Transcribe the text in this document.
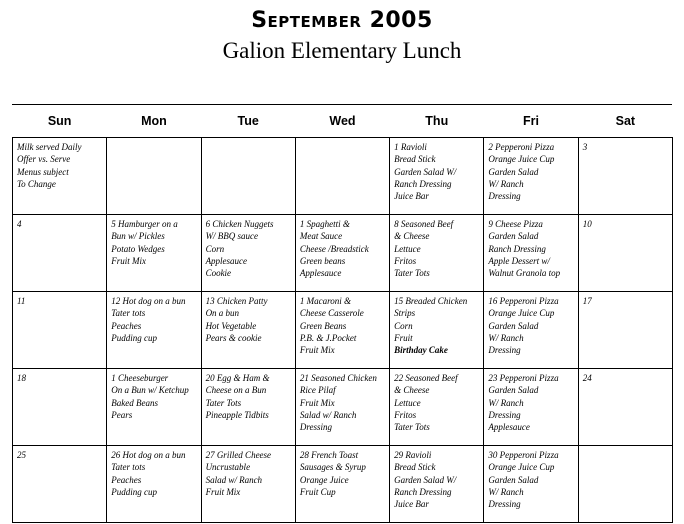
September 2005
Galion Elementary Lunch
Sun	Mon	Tue	Wed	Thu	Fri	Sat

Milk served Daily
Offer vs. Serve
Menus subject
To Change				1 Ravioli
Bread Stick
Garden Salad W/
Ranch Dressing
Juice Bar	2 Pepperoni Pizza
Orange Juice Cup
Garden Salad
W/ Ranch
Dressing	3

4	5 Hamburger on a
Bun w/ Pickles
Potato Wedges
Fruit Mix	6 Chicken Nuggets
W/ BBQ sauce
Corn
Applesauce
Cookie	1 Spaghetti &
Meat Sauce
Cheese /Breadstick
Green beans
Applesauce	8 Seasoned Beef
& Cheese
Lettuce
Fritos
Tater Tots	9 Cheese Pizza
Garden Salad
Ranch Dressing
Apple Dessert w/
Walnut Granola top	10

11	12 Hot dog on a bun
Tater tots
Peaches
Pudding cup	13 Chicken Patty
On a bun
Hot Vegetable
Pears & cookie	1 Macaroni &
Cheese Casserole
Green Beans
P.B. & J.Pocket
Fruit Mix	15 Breaded Chicken
Strips
Corn
Fruit
Birthday Cake	16 Pepperoni Pizza
Orange Juice Cup
Garden Salad
W/ Ranch
Dressing	17

18	1 Cheeseburger
On a Bun w/ Ketchup
Baked Beans
Pears	20 Egg & Ham &
Cheese on a Bun
Tater Tots
Pineapple Tidbits	21 Seasoned Chicken
Rice Pilaf
Fruit Mix
Salad w/ Ranch
Dressing	22 Seasoned Beef
& Cheese
Lettuce
Fritos
Tater Tots	23 Pepperoni Pizza
Garden Salad
W/ Ranch
Dressing
Applesauce	24

25	26 Hot dog on a bun
Tater tots
Peaches
Pudding cup	27 Grilled Cheese
Uncrustable
Salad w/ Ranch
Fruit Mix	28 French Toast
Sausages & Syrup
Orange Juice
Fruit Cup	29 Ravioli
Bread Stick
Garden Salad W/
Ranch Dressing
Juice Bar	30 Pepperoni Pizza
Orange Juice Cup
Garden Salad
W/ Ranch
Dressing	
